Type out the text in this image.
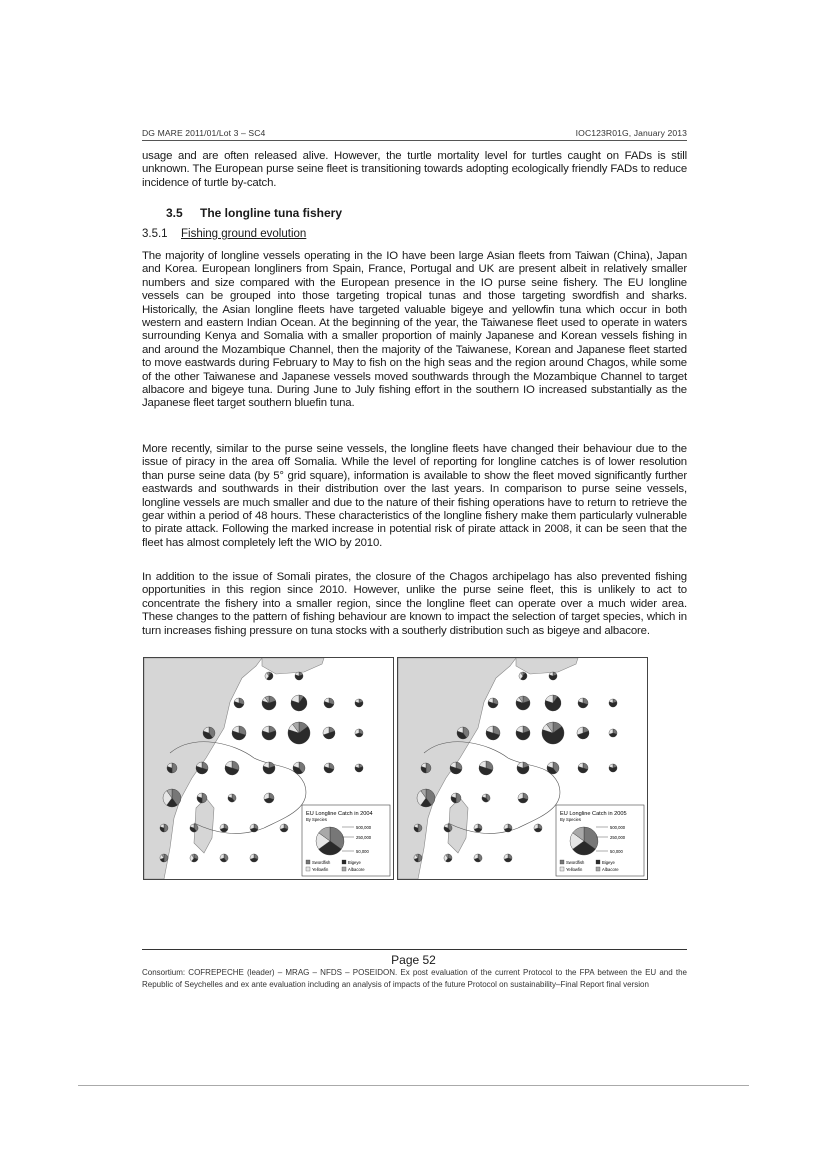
DG MARE 2011/01/Lot 3 – SC4	IOC123R01G, January 2013

usage and are often released alive. However, the turtle mortality level for turtles caught on FADs is still unknown. The European purse seine fleet is transitioning towards adopting ecologically friendly FADs to reduce incidence of turtle by-catch.

3.5 The longline tuna fishery
3.5.1 Fishing ground evolution

The majority of longline vessels operating in the IO have been large Asian fleets from Taiwan (China), Japan and Korea. European longliners from Spain, France, Portugal and UK are present albeit in relatively smaller numbers and size compared with the European presence in the IO purse seine fishery. The EU longline vessels can be grouped into those targeting tropical tunas and those targeting swordfish and sharks. Historically, the Asian longline fleets have targeted valuable bigeye and yellowfin tuna which occur in both western and eastern Indian Ocean. At the beginning of the year, the Taiwanese fleet used to operate in waters surrounding Kenya and Somalia with a smaller proportion of mainly Japanese and Korean vessels fishing in and around the Mozambique Channel, then the majority of the Taiwanese, Korean and Japanese fleet started to move eastwards during February to May to fish on the high seas and the region around Chagos, while some of the other Taiwanese and Japanese vessels moved southwards through the Mozambique Channel to target albacore and bigeye tuna. During June to July fishing effort in the southern IO increased substantially as the Japanese fleet target southern bluefin tuna.

More recently, similar to the purse seine vessels, the longline fleets have changed their behaviour due to the issue of piracy in the area off Somalia. While the level of reporting for longline catches is of lower resolution than purse seine data (by 5° grid square), information is available to show the fleet moved significantly further eastwards and southwards in their distribution over the last years. In comparison to purse seine vessels, longline vessels are much smaller and due to the nature of their fishing operations have to return to retrieve the gear within a period of 48 hours. These characteristics of the longline fishery make them particularly vulnerable to pirate attack. Following the marked increase in potential risk of pirate attack in 2008, it can be seen that the fleet has almost completely left the WIO by 2010.

In addition to the issue of Somali pirates, the closure of the Chagos archipelago has also prevented fishing opportunities in this region since 2010. However, unlike the purse seine fleet, this is unlikely to act to concentrate the fishery into a smaller region, since the longline fleet can operate over a much wider area. These changes to the pattern of fishing behaviour are known to impact the selection of target species, which in turn increases fishing pressure on tuna stocks with a southerly distribution such as bigeye and albacore.

EU Longline Catch in 2004
By Species
500,000
250,000
50,000
Swordfish	Bigeye
Yellowfin	Albacore
EU Longline Catch in 2005
By Species
500,000
250,000
50,000
Swordfish	Bigeye
Yellowfin	Albacore
Page 52
Consortium: COFREPECHE (leader) – MRAG – NFDS – POSEIDON. Ex post evaluation of the current Protocol to the FPA between the EU and the Republic of Seychelles and ex ante evaluation including an analysis of impacts of the future Protocol on sustainability–Final Report final version
